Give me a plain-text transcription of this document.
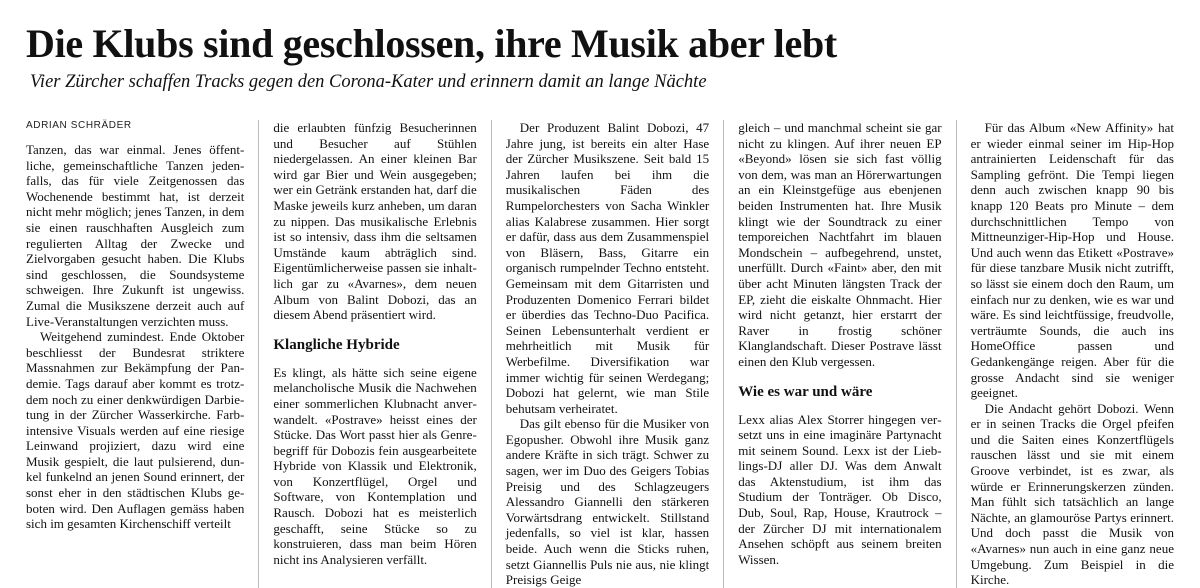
Die Klubs sind geschlossen, ihre Musik aber lebt
Vier Zürcher schaffen Tracks gegen den Corona-Kater und erinnern damit an lange Nächte
ADRIAN SCHRÄDER

Tanzen, das war einmal. Jenes öffentliche, gemeinschaftliche Tanzen jedenfalls, das für viele Zeitgenossen das Wochenende bestimmt hat, ist derzeit nicht mehr möglich; jenes Tanzen, in dem sie einen rauschhaften Ausgleich zum regulierten Alltag der Zwecke und Zielvorgaben gesucht haben. Die Klubs sind geschlossen, die Soundsysteme schweigen. Ihre Zukunft ist ungewiss. Zumal die Musikszene derzeit auch auf Live-Veranstaltungen verzichten muss.

Weitgehend zumindest. Ende Oktober beschliesst der Bundesrat striktere Massnahmen zur Bekämpfung der Pandemie. Tags darauf aber kommt es trotzdem noch zu einer denkwürdigen Darbietung in der Zürcher Wasserkirche. Farbintensive Visuals werden auf eine riesige Leinwand projiziert, dazu wird eine Musik gespielt, die laut pulsierend, dunkel funkelnd an jenen Sound erinnert, der sonst eher in den städtischen Klubs geboten wird. Den Auflagen gemäss haben sich im gesamten Kirchenschiff verteilt

die erlaubten fünfzig Besucherinnen und Besucher auf Stühlen niedergelassen. An einer kleinen Bar wird gar Bier und Wein ausgegeben; wer ein Getränk erstanden hat, darf die Maske jeweils kurz anheben, um daran zu nippen. Das musikalische Erlebnis ist so intensiv, dass ihm die seltsamen Umstände kaum abträglich sind. Eigentümlicherweise passen sie inhaltlich gar zu «Avarnes», dem neuen Album von Balint Dobozi, das an diesem Abend präsentiert wird.

Klangliche Hybride

Es klingt, als hätte sich seine eigene melancholische Musik die Nachwehen einer sommerlichen Klubnacht anverwandelt. «Postrave» heisst eines der Stücke. Das Wort passt hier als Genrebegriff für Dobozis fein ausgearbeitete Hybride von Klassik und Elektronik, von Konzertflügel, Orgel und Software, von Kontemplation und Rausch. Dobozi hat es meisterlich geschafft, seine Stücke so zu konstruieren, dass man beim Hören nicht ins Analysieren verfällt.

Der Produzent Balint Dobozi, 47 Jahre jung, ist bereits ein alter Hase der Zürcher Musikszene. Seit bald 15 Jahren laufen bei ihm die musikalischen Fäden des Rumpelorchesters von Sacha Winkler alias Kalabrese zusammen. Hier sorgt er dafür, dass aus dem Zusammenspiel von Bläsern, Bass, Gitarre ein organisch rumpelnder Techno entsteht. Gemeinsam mit dem Gitarristen und Produzenten Domenico Ferrari bildet er überdies das Techno-Duo Pacifica. Seinen Lebensunterhalt verdient er mehrheitlich mit Musik für Werbefilme. Diversifikation war immer wichtig für seinen Werdegang; Dobozi hat gelernt, wie man Stile behutsam verheiratet.

Das gilt ebenso für die Musiker von Egopusher. Obwohl ihre Musik ganz andere Kräfte in sich trägt. Schwer zu sagen, wer im Duo des Geigers Tobias Preisig und des Schlagzeugers Alessandro Giannelli den stärkeren Vorwärtsdrang entwickelt. Stillstand jedenfalls, so viel ist klar, hassen beide. Auch wenn die Sticks ruhen, setzt Giannellis Puls nie aus, nie klingt Preisigs Geige

gleich – und manchmal scheint sie gar nicht zu klingen. Auf ihrer neuen EP «Beyond» lösen sie sich fast völlig von dem, was man an Hörerwartungen an ein Kleinstgefüge aus ebenjenen beiden Instrumenten hat. Ihre Musik klingt wie der Soundtrack zu einer temporeichen Nachtfahrt im blauen Mondschein – aufbegehrend, unstet, unerfüllt. Durch «Faint» aber, den mit über acht Minuten längsten Track der EP, zieht die eiskalte Ohnmacht. Hier wird nicht getanzt, hier erstarrt der Raver in frostig schöner Klanglandschaft. Dieser Postrave lässt einen den Klub vergessen.

Wie es war und wäre

Lexx alias Alex Storrer hingegen versetzt uns in eine imaginäre Partynacht mit seinem Sound. Lexx ist der Lieblings-DJ aller DJ. Was dem Anwalt das Aktenstudium, ist ihm das Studium der Tonträger. Ob Disco, Dub, Soul, Rap, House, Krautrock – der Zürcher DJ mit internationalem Ansehen schöpft aus seinem breiten Wissen.

Für das Album «New Affinity» hat er wieder einmal seiner im Hip-Hop antrainierten Leidenschaft für das Sampling gefrönt. Die Tempi liegen denn auch zwischen knapp 90 bis knapp 120 Beats pro Minute – dem durchschnittlichen Tempo von Mittneunziger-Hip-Hop und House. Und auch wenn das Etikett «Postrave» für diese tanzbare Musik nicht zutrifft, so lässt sie einem doch den Raum, um einfach nur zu denken, wie es war und wäre. Es sind leichtfüssige, freudvolle, verträumte Sounds, die auch ins HomeOffice passen und Gedankengänge reigen. Aber für die grosse Andacht sind sie weniger geeignet.

Die Andacht gehört Dobozi. Wenn er in seinen Tracks die Orgel pfeifen und die Saiten eines Konzertflügels rauschen lässt und sie mit einem Groove verbindet, ist es zwar, als würde er Erinnerungskerzen zünden. Man fühlt sich tatsächlich an lange Nächte, an glamouröse Partys erinnert. Und doch passt die Musik von «Avarnes» nun auch in eine ganz neue Umgebung. Zum Beispiel in die Kirche.
